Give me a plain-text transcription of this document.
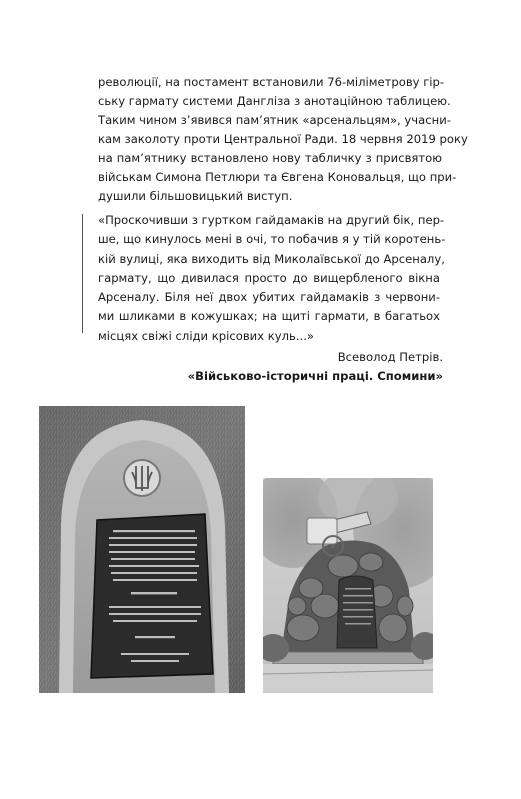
революції, на постамент встановили 76-міліметрову гір-
ську гармату системи Данглізa з анотаційною таблицею.
Таким чином з’явився пам’ятник «арсенальцям», учасни-
кам заколоту проти Центральної Ради. 18 червня 2019 року
на пам’ятнику встановлено нову табличку з присвятою
військам Симона Петлюри та Євгена Коновальця, що при-
душили більшовицький виступ.
«Проскочивши з гуртком гайдамаків на другий бік, пер-
ше, що кинулось мені в очі, то побачив я у тій коротень-
кій вулиці, яка виходить від Миколаївської до Арсеналу,
гармату, що дивилася просто до вищербленого вікна
Арсеналу. Біля неї двох убитих гайдамаків з червони-
ми шликами в кожушках; на щиті гармати, в багатьох
місцях свіжі сліди крісових куль...»
Всеволод Петрів.
«Військово-історичні праці. Спомини»
